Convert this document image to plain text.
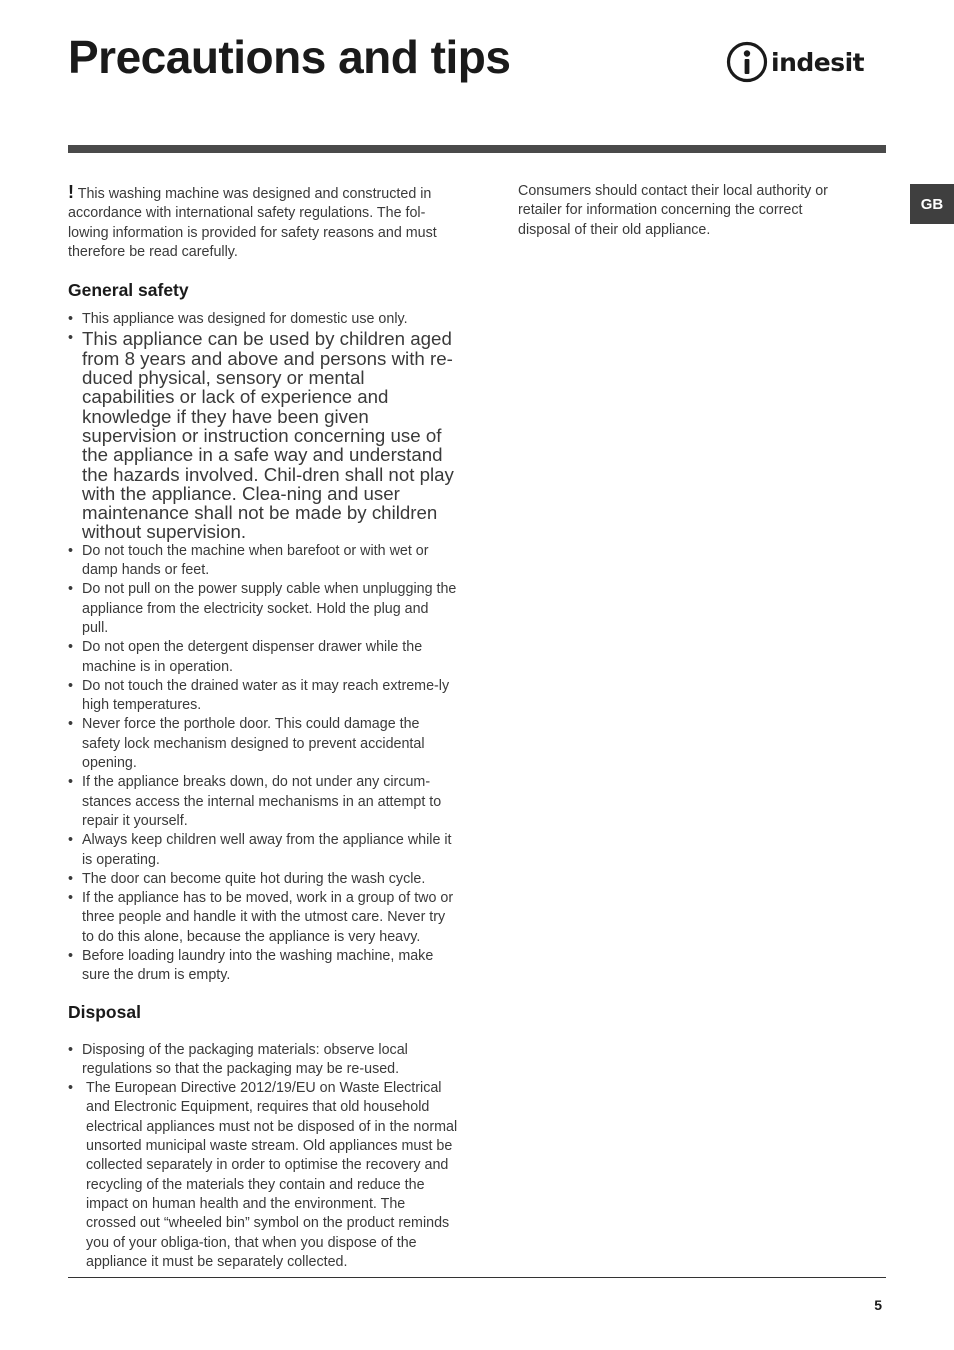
Precautions and tips	indesit
GB

! This washing machine was designed and constructed in accordance with international safety regulations. The fol-lowing information is provided for safety reasons and must therefore be read carefully.

General safety
• This appliance was designed for domestic use only.
• This appliance can be used by children aged from 8 years and above and persons with re-duced physical, sensory or mental capabilities or lack of experience and knowledge if they have been given supervision or instruction concerning use of the appliance in a safe way and understand the hazards involved. Chil-dren shall not play with the appliance. Clea-ning and user maintenance shall not be made by children without supervision.
• Do not touch the machine when barefoot or with wet or damp hands or feet.
• Do not pull on the power supply cable when unplugging the appliance from the electricity socket. Hold the plug and pull.
• Do not open the detergent dispenser drawer while the machine is in operation.
• Do not touch the drained water as it may reach extreme-ly high temperatures.
• Never force the porthole door. This could damage the safety lock mechanism designed to prevent accidental opening.
• If the appliance breaks down, do not under any circum-stances access the internal mechanisms in an attempt to repair it yourself.
• Always keep children well away from the appliance while it is operating.
• The door can become quite hot during the wash cycle.
• If the appliance has to be moved, work in a group of two or three people and handle it with the utmost care. Never try to do this alone, because the appliance is very heavy.
• Before loading laundry into the washing machine, make sure the drum is empty.
Disposal
• Disposing of the packaging materials: observe local regulations so that the packaging may be re-used.
• The European Directive 2012/19/EU on Waste Electrical and Electronic Equipment, requires that old household electrical appliances must not be disposed of in the normal unsorted municipal waste stream. Old appliances must be collected separately in order to optimise the recovery and recycling of the materials they contain and reduce the impact on human health and the environment. The crossed out “wheeled bin” symbol on the product reminds you of your obliga-tion, that when you dispose of the appliance it must be separately collected.

Consumers should contact their local authority or retailer for information concerning the correct disposal of their old appliance.

5
